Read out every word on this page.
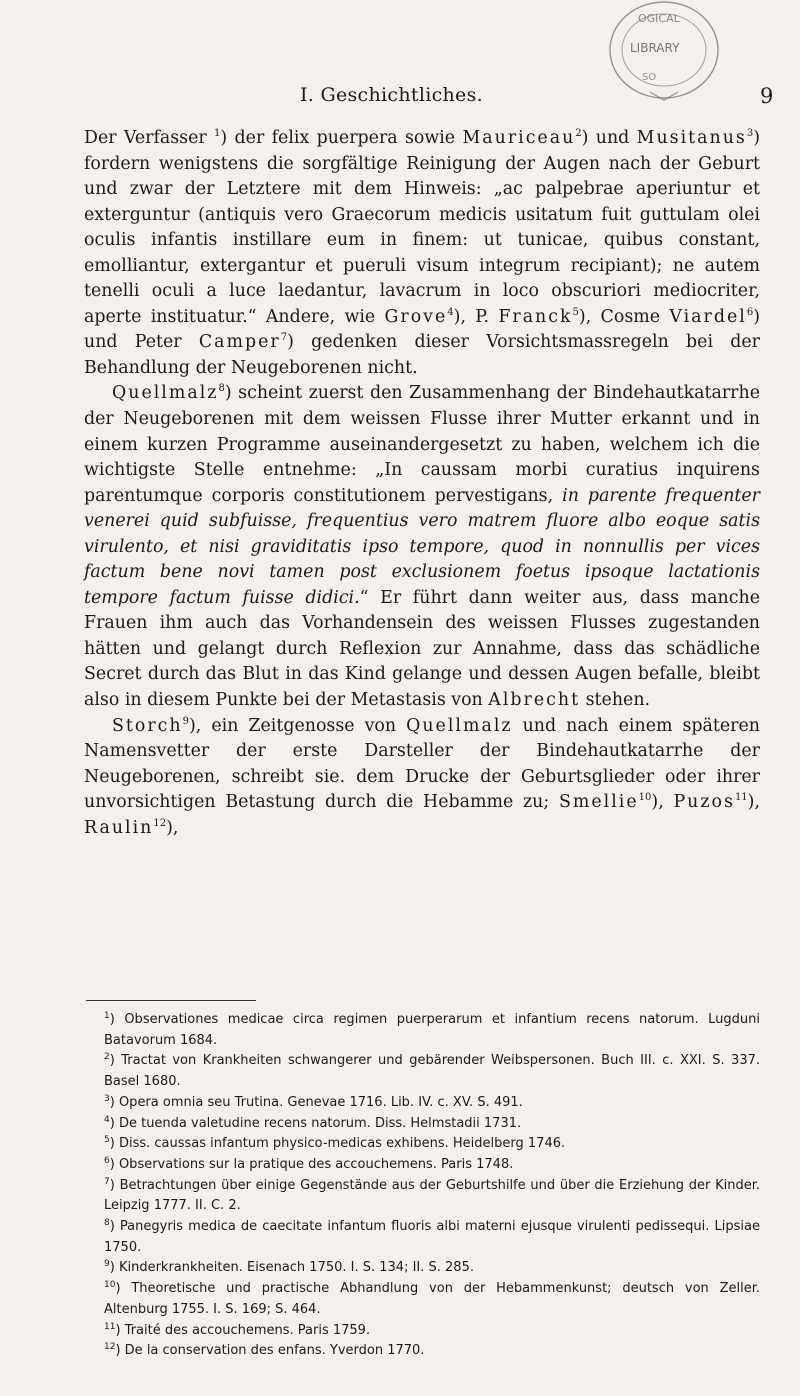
I. Geschichtliches.	9
OGICAL
LIBRARY
SO

Der Verfasser $^1$) der felix puerpera sowie Mauriceau$^2$) und Musitanus$^3$) fordern wenigstens die sorgfältige Reinigung der Augen nach der Geburt und zwar der Letztere mit dem Hinweis: „ac palpebrae aperiuntur et exterguntur (antiquis vero Graecorum medicis usitatum fuit guttulam olei oculis infantis instillare eum in finem: ut tunicae, quibus constant, emolliantur, extergantur et pueruli visum integrum recipiant); ne autem tenelli oculi a luce laedantur, lavacrum in loco obscuriori mediocriter, aperte instituatur.“ Andere, wie Grove$^4$), P. Franck$^5$), Cosme Viardel$^6$) und Peter Camper$^7$) gedenken dieser Vorsichtsmassregeln bei der Behandlung der Neugeborenen nicht.

Quellmalz$^8$) scheint zuerst den Zusammenhang der Bindehautkatarrhe der Neugeborenen mit dem weissen Flusse ihrer Mutter erkannt und in einem kurzen Programme auseinandergesetzt zu haben, welchem ich die wichtigste Stelle entnehme: „In caussam morbi curatius inquirens parentumque corporis constitutionem pervestigans, in parente frequenter venerei quid subfuisse, frequentius vero matrem fluore albo eoque satis virulento, et nisi graviditatis ipso tempore, quod in nonnullis per vices factum bene novi tamen post exclusionem foetus ipsoque lactationis tempore factum fuisse didici.“ Er führt dann weiter aus, dass manche Frauen ihm auch das Vorhandensein des weissen Flusses zugestanden hätten und gelangt durch Reflexion zur Annahme, dass das schädliche Secret durch das Blut in das Kind gelange und dessen Augen befalle, bleibt also in diesem Punkte bei der Metastasis von Albrecht stehen.

Storch$^9$), ein Zeitgenosse von Quellmalz und nach einem späteren Namensvetter der erste Darsteller der Bindehautkatarrhe der Neugeborenen, schreibt sie. dem Drucke der Geburtsglieder oder ihrer unvorsichtigen Betastung durch die Hebamme zu; Smellie$^{10}$), Puzos$^{11}$), Raulin$^{12}$),

$^1$) Observationes medicae circa regimen puerperarum et infantium recens natorum. Lugduni Batavorum 1684.
$^2$) Tractat von Krankheiten schwangerer und gebärender Weibspersonen. Buch III. c. XXI. S. 337. Basel 1680.
$^3$) Opera omnia seu Trutina. Genevae 1716. Lib. IV. c. XV. S. 491.
$^4$) De tuenda valetudine recens natorum. Diss. Helmstadii 1731.
$^5$) Diss. caussas infantum physico-medicas exhibens. Heidelberg 1746.
$^6$) Observations sur la pratique des accouchemens. Paris 1748.
$^7$) Betrachtungen über einige Gegenstände aus der Geburtshilfe und über die Erziehung der Kinder. Leipzig 1777. II. C. 2.
$^8$) Panegyris medica de caecitate infantum fluoris albi materni ejusque virulenti pedissequi. Lipsiae 1750.
$^9$) Kinderkrankheiten. Eisenach 1750. I. S. 134; II. S. 285.
$^{10}$) Theoretische und practische Abhandlung von der Hebammenkunst; deutsch von Zeller. Altenburg 1755. I. S. 169; S. 464.
$^{11}$) Traité des accouchemens. Paris 1759.
$^{12}$) De la conservation des enfans. Yverdon 1770.
